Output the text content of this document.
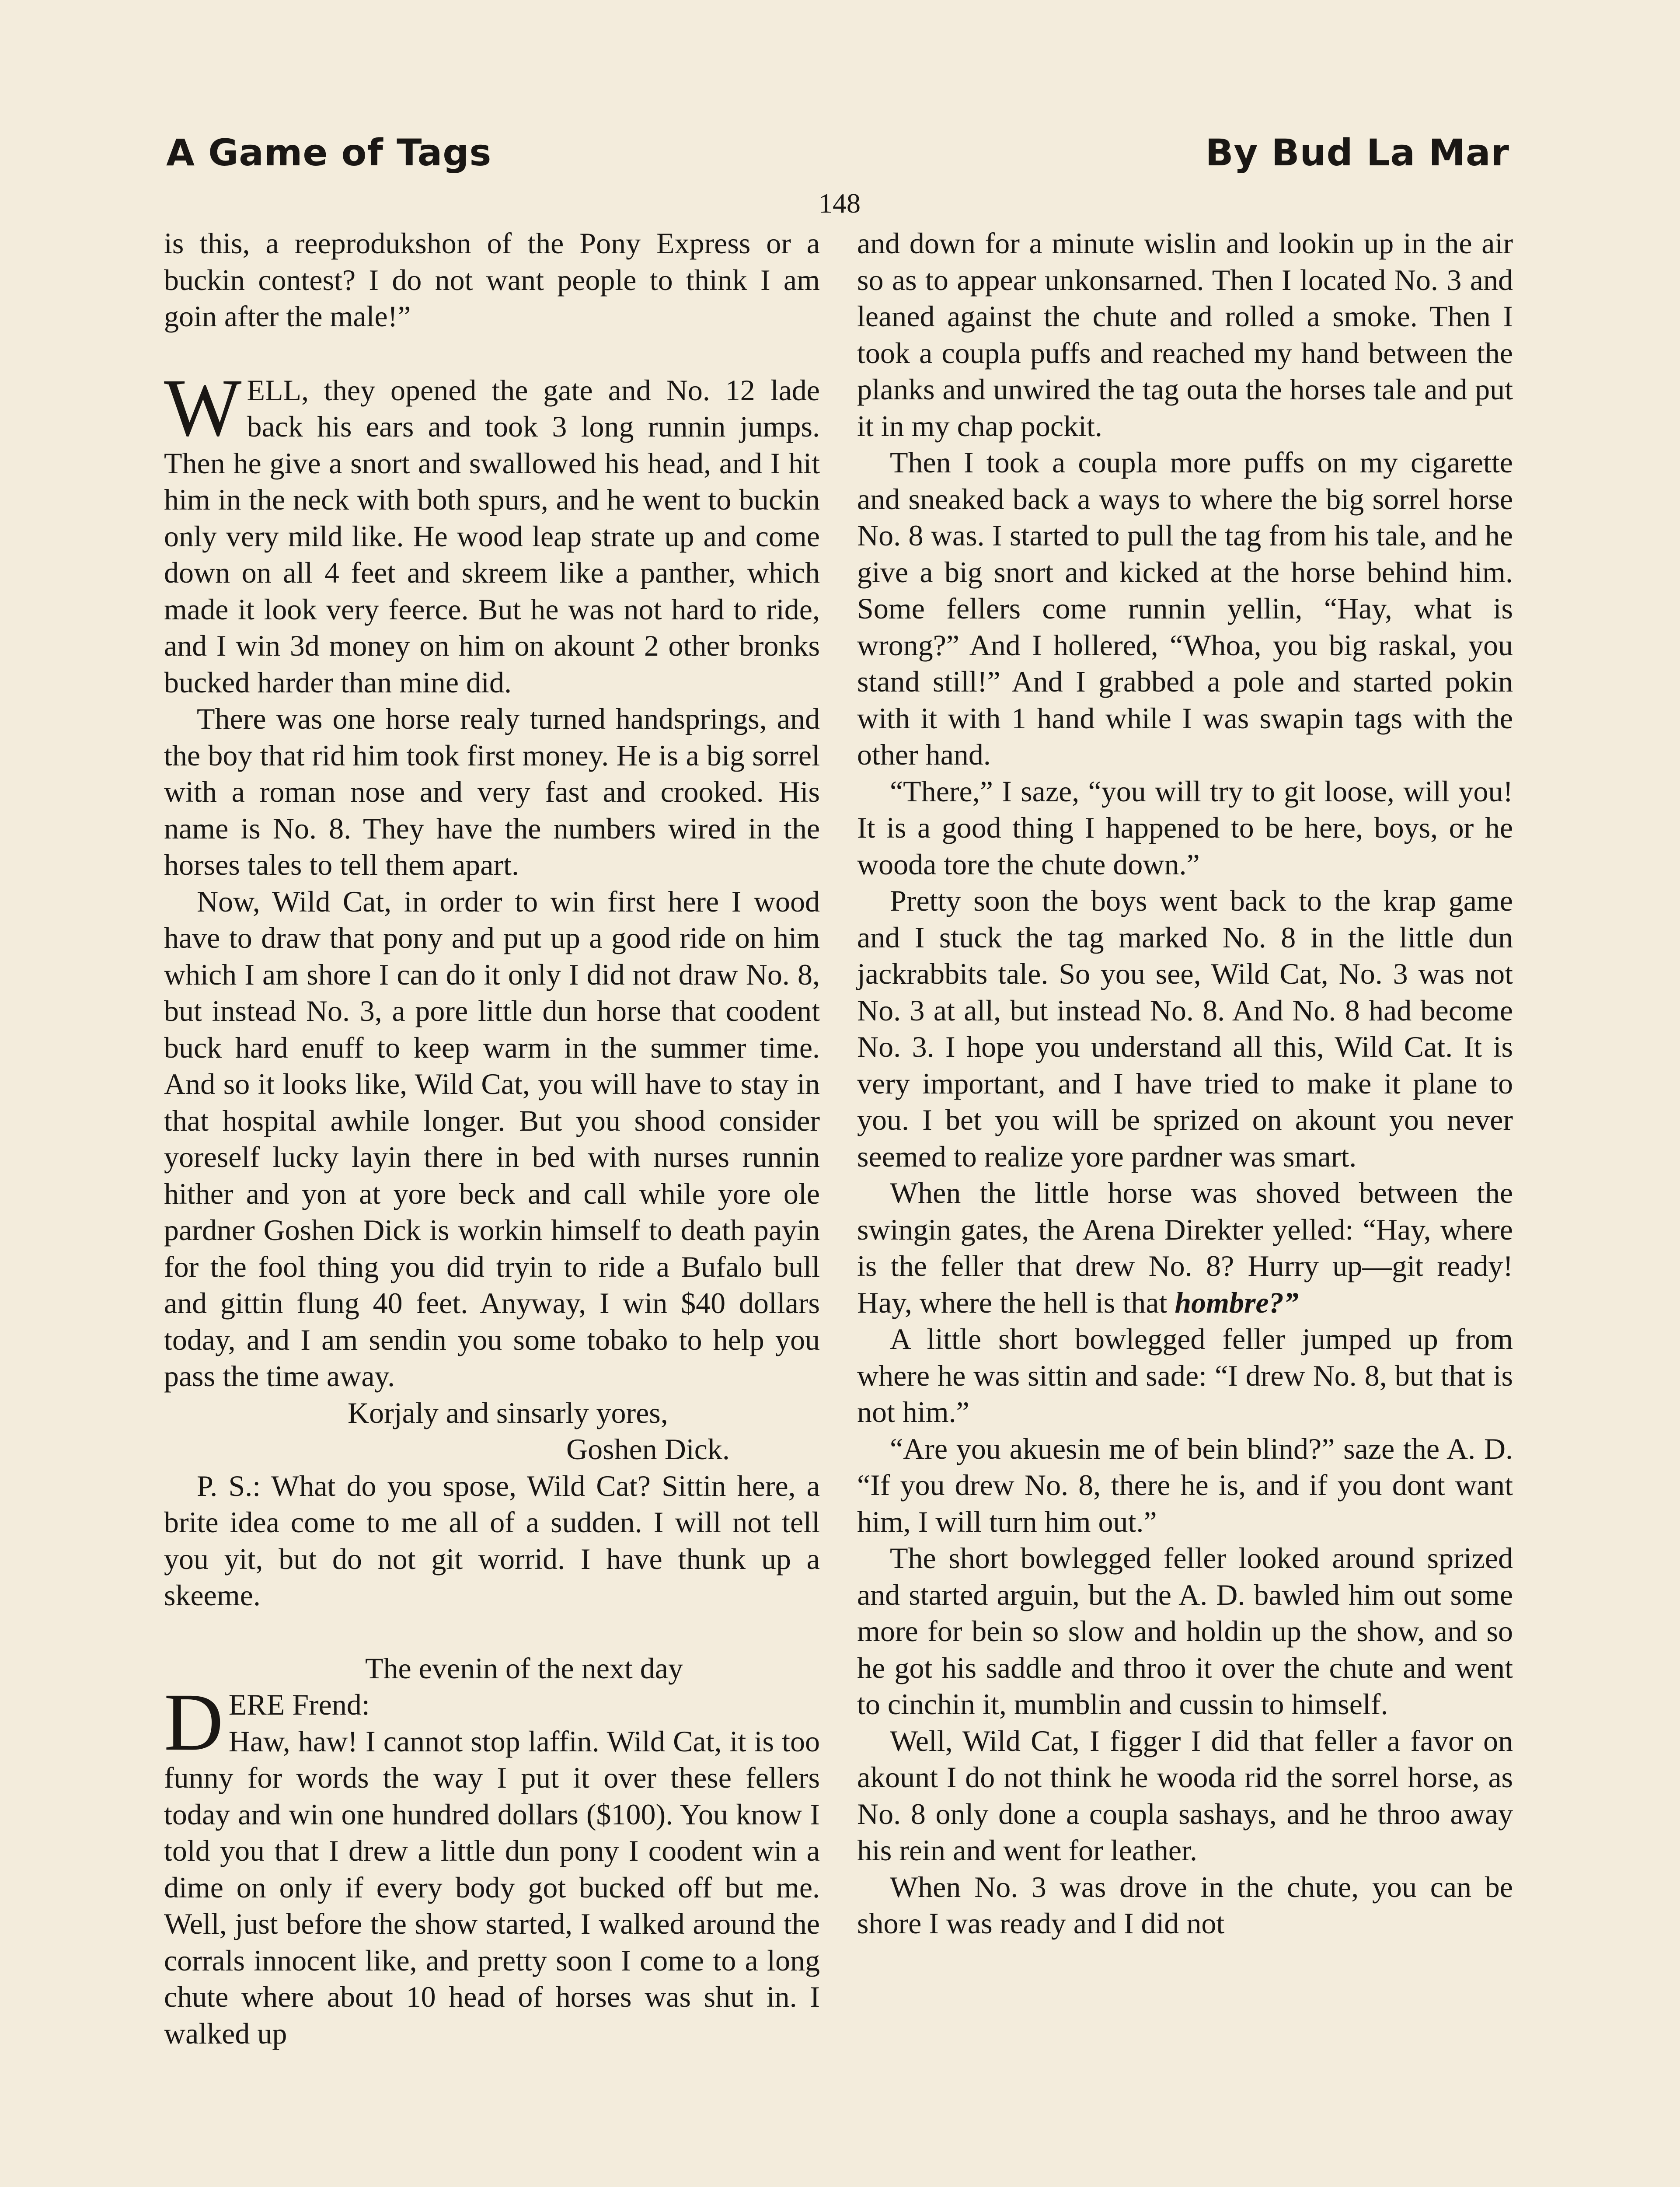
A Game of Tags	By Bud La Mar
148

is this, a reeprodukshon of the Pony Express or a buckin contest? I do not want people to think I am goin after the male!”

WELL, they opened the gate and No. 12 lade back his ears and took 3 long runnin jumps. Then he give a snort and swallowed his head, and I hit him in the neck with both spurs, and he went to buckin only very mild like. He wood leap strate up and come down on all 4 feet and skreem like a panther, which made it look very feerce. But he was not hard to ride, and I win 3d money on him on akount 2 other bronks bucked harder than mine did.

There was one horse realy turned handsprings, and the boy that rid him took first money. He is a big sorrel with a roman nose and very fast and crooked. His name is No. 8. They have the numbers wired in the horses tales to tell them apart.

Now, Wild Cat, in order to win first here I wood have to draw that pony and put up a good ride on him which I am shore I can do it only I did not draw No. 8, but instead No. 3, a pore little dun horse that coodent buck hard enuff to keep warm in the summer time. And so it looks like, Wild Cat, you will have to stay in that hospital awhile longer. But you shood consider yoreself lucky layin there in bed with nurses runnin hither and yon at yore beck and call while yore ole pardner Goshen Dick is workin himself to death payin for the fool thing you did tryin to ride a Bufalo bull and gittin flung 40 feet. Anyway, I win $40 dollars today, and I am sendin you some tobako to help you pass the time away.

Korjaly and sinsarly yores,

Goshen Dick.

P. S.: What do you spose, Wild Cat? Sittin here, a brite idea come to me all of a sudden. I will not tell you yit, but do not git worrid. I have thunk up a skeeme.

The evenin of the next day

DERE Frend:

Haw, haw! I cannot stop laffin. Wild Cat, it is too funny for words the way I put it over these fellers today and win one hundred dollars ($100). You know I told you that I drew a little dun pony I coodent win a dime on only if every body got bucked off but me. Well, just before the show started, I walked around the corrals innocent like, and pretty soon I come to a long chute where about 10 head of horses was shut in. I walked up

and down for a minute wislin and lookin up in the air so as to appear unkonsarned. Then I located No. 3 and leaned against the chute and rolled a smoke. Then I took a coupla puffs and reached my hand between the planks and unwired the tag outa the horses tale and put it in my chap pockit.

Then I took a coupla more puffs on my cigarette and sneaked back a ways to where the big sorrel horse No. 8 was. I started to pull the tag from his tale, and he give a big snort and kicked at the horse behind him. Some fellers come runnin yellin, “Hay, what is wrong?” And I hollered, “Whoa, you big raskal, you stand still!” And I grabbed a pole and started pokin with it with 1 hand while I was swapin tags with the other hand.

“There,” I saze, “you will try to git loose, will you! It is a good thing I happened to be here, boys, or he wooda tore the chute down.”

Pretty soon the boys went back to the krap game and I stuck the tag marked No. 8 in the little dun jackrabbits tale. So you see, Wild Cat, No. 3 was not No. 3 at all, but instead No. 8. And No. 8 had become No. 3. I hope you understand all this, Wild Cat. It is very important, and I have tried to make it plane to you. I bet you will be sprized on akount you never seemed to realize yore pardner was smart.

When the little horse was shoved between the swingin gates, the Arena Direkter yelled: “Hay, where is the feller that drew No. 8? Hurry up—git ready! Hay, where the hell is that hombre?”

A little short bowlegged feller jumped up from where he was sittin and sade: “I drew No. 8, but that is not him.”

“Are you akuesin me of bein blind?” saze the A. D. “If you drew No. 8, there he is, and if you dont want him, I will turn him out.”

The short bowlegged feller looked around sprized and started arguin, but the A. D. bawled him out some more for bein so slow and holdin up the show, and so he got his saddle and throo it over the chute and went to cinchin it, mumblin and cussin to himself.

Well, Wild Cat, I figger I did that feller a favor on akount I do not think he wooda rid the sorrel horse, as No. 8 only done a coupla sashays, and he throo away his rein and went for leather.

When No. 3 was drove in the chute, you can be shore I was ready and I did not
